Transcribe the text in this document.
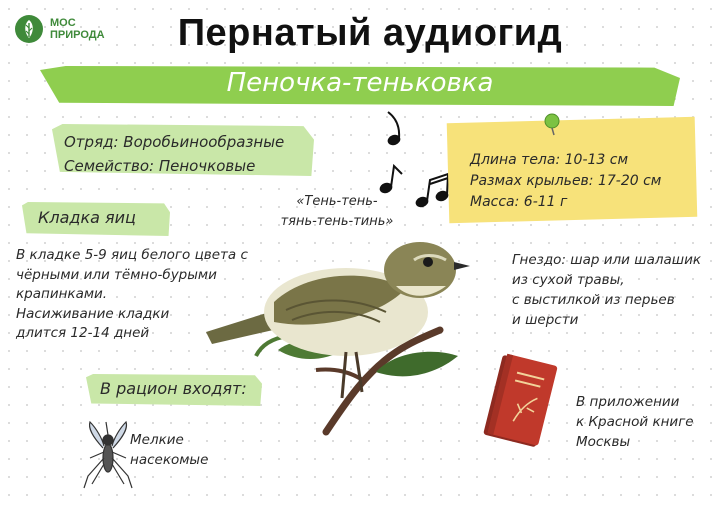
МОС
ПРИРОДА	Пернатый аудиогид
Пеночка-теньковка
Отряд: Воробьинообразные
Семейство: Пеночковые	Длина тела: 10-13 см
Размах крыльев: 17-20 см
Масса: 6-11 г
Кладка яиц
В кладке 5-9 яиц белого цвета с
чёрными или тёмно-бурыми
крапинками.
Насиживание кладки
длится 12-14 дней
«Тень-тень-
тянь-тень-тинь»
Гнездо: шар или шалашик
из сухой травы,
с выстилкой из перьев
и шерсти
В рацион входят:
Мелкие
насекомые
В приложении
к Красной книге
Москвы
